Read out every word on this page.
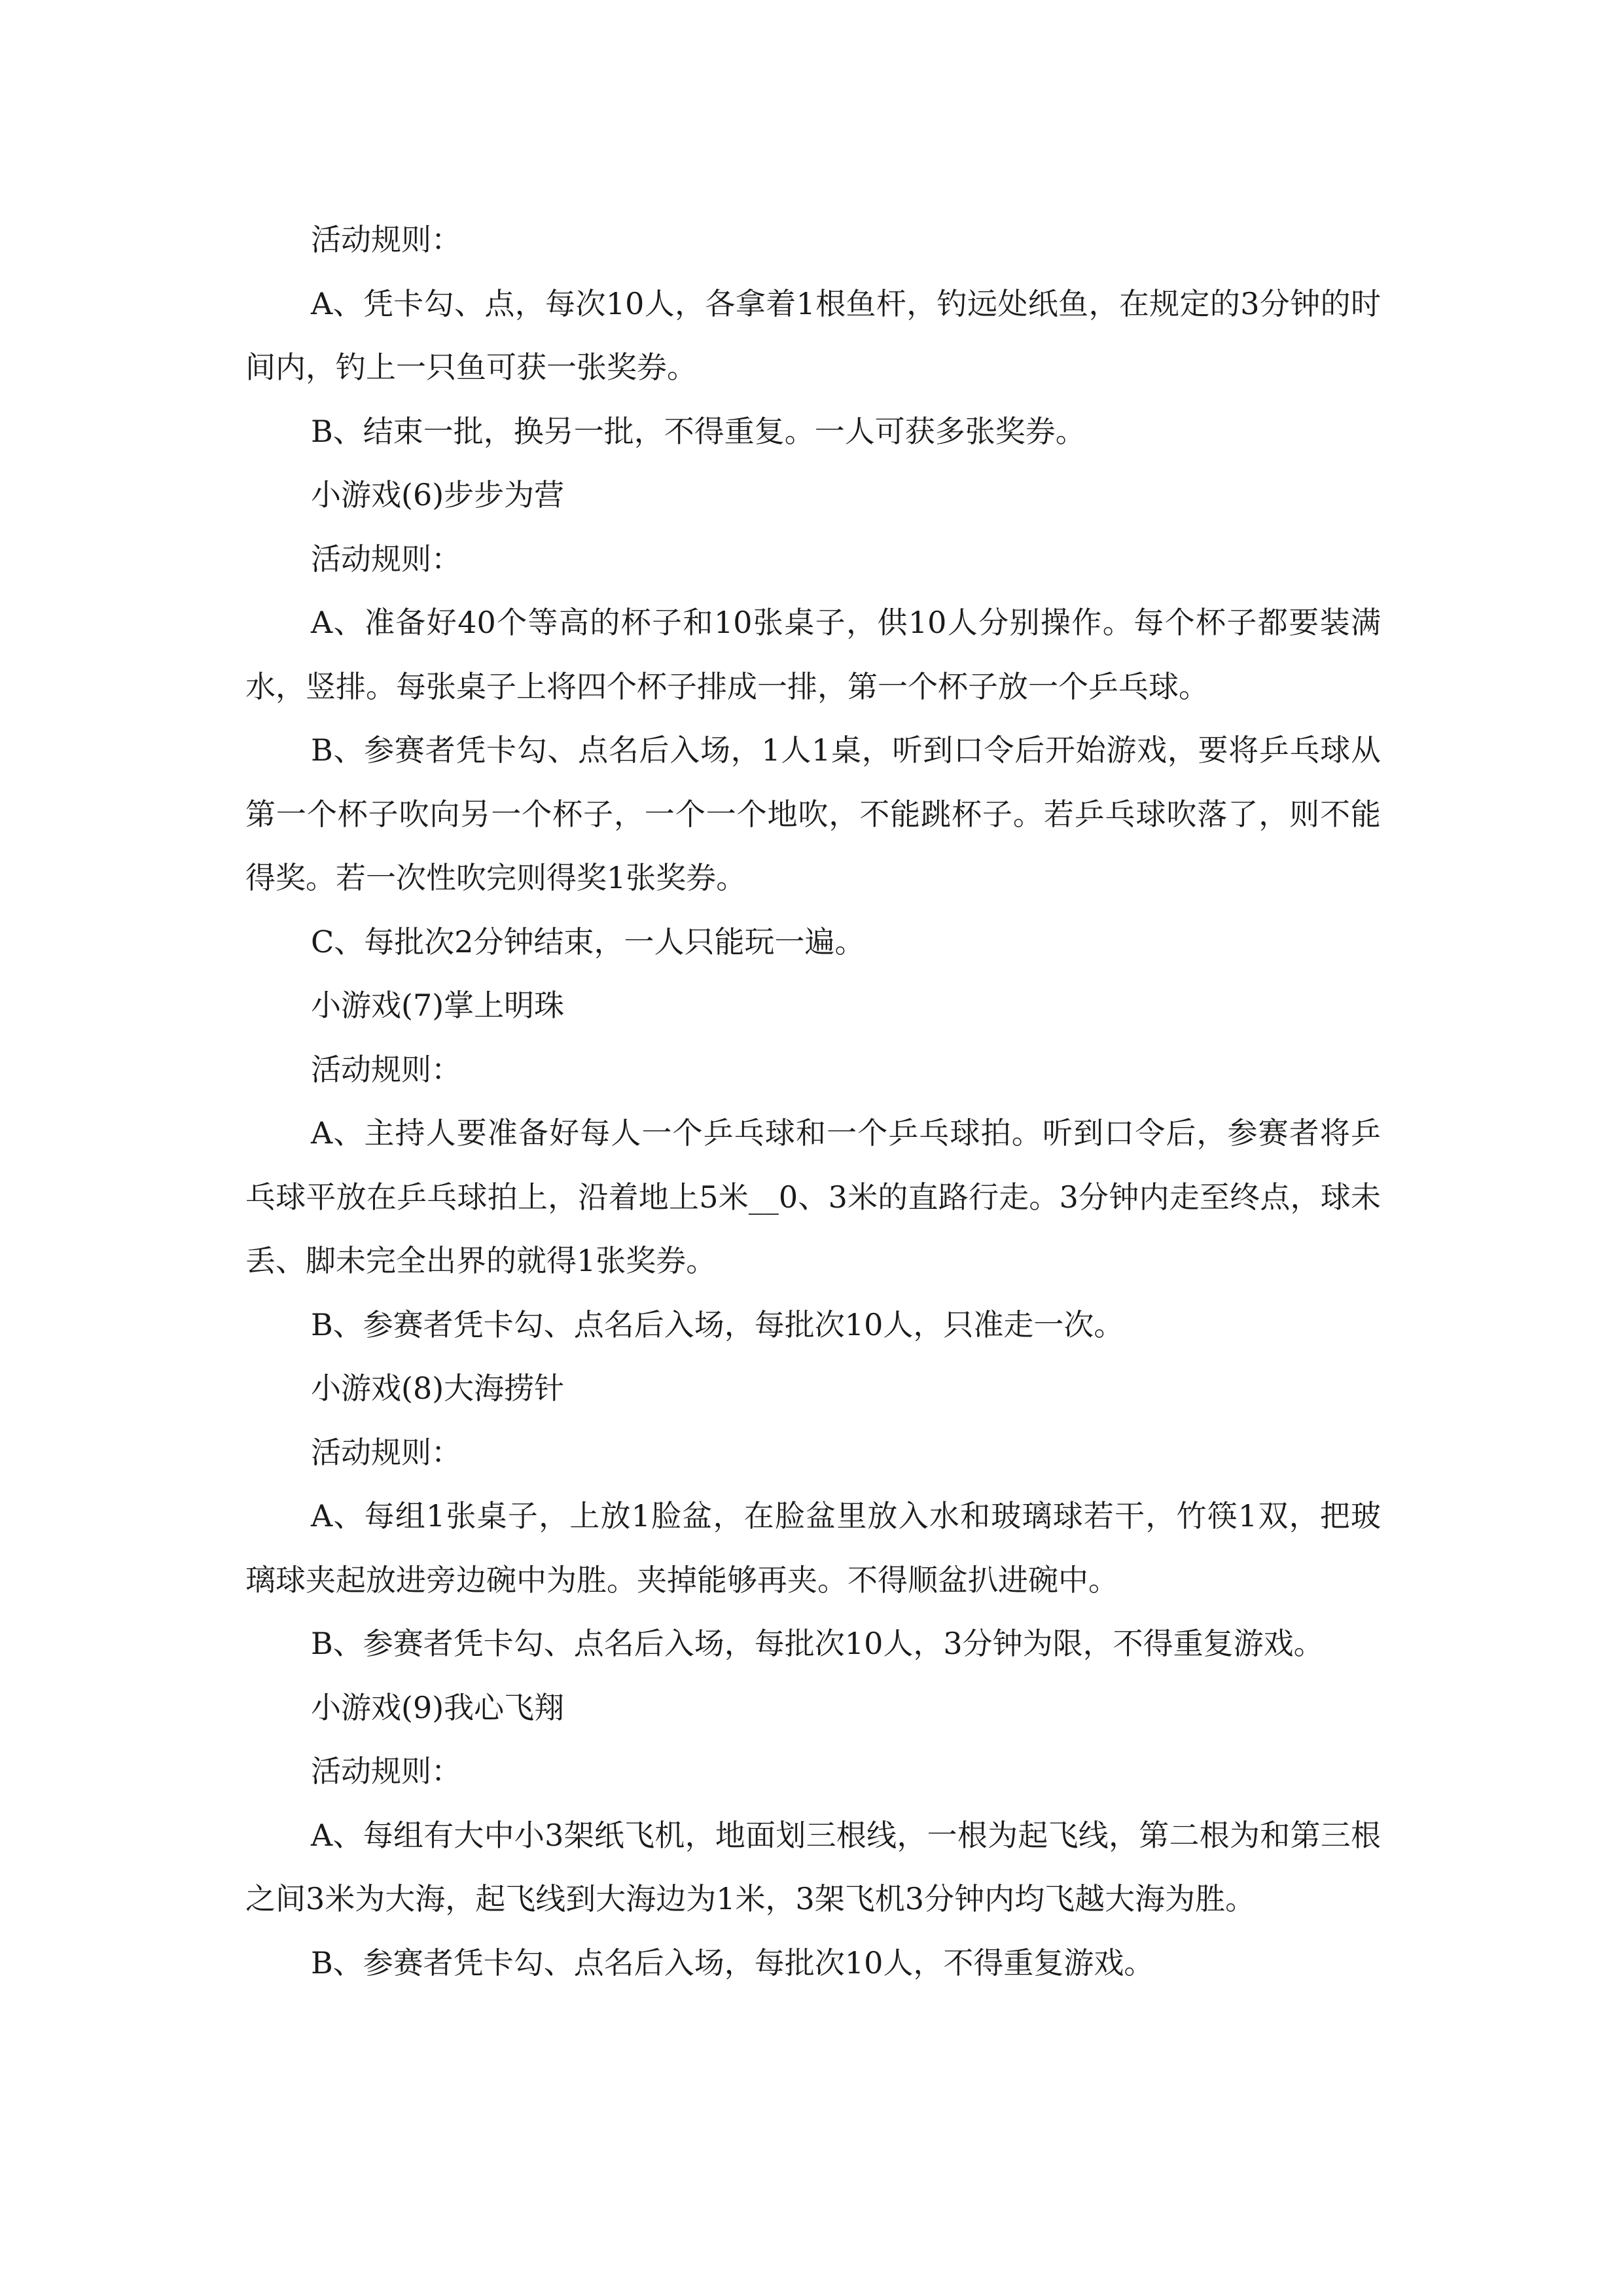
活动规则：

A、凭卡勾、点，每次10人，各拿着1根鱼杆，钓远处纸鱼，在规定的3分钟的时间内，钓上一只鱼可获一张奖券。

B、结束一批，换另一批，不得重复。一人可获多张奖券。

小游戏(6)步步为营

活动规则：

A、准备好40个等高的杯子和10张桌子，供10人分别操作。每个杯子都要装满水，竖排。每张桌子上将四个杯子排成一排，第一个杯子放一个乒乓球。

B、参赛者凭卡勾、点名后入场，1人1桌，听到口令后开始游戏，要将乒乓球从第一个杯子吹向另一个杯子，一个一个地吹，不能跳杯子。若乒乓球吹落了，则不能得奖。若一次性吹完则得奖1张奖券。

C、每批次2分钟结束，一人只能玩一遍。

小游戏(7)掌上明珠

活动规则：

A、主持人要准备好每人一个乒乓球和一个乒乓球拍。听到口令后，参赛者将乒乓球平放在乒乓球拍上，沿着地上5米__0、3米的直路行走。3分钟内走至终点，球未丢、脚未完全出界的就得1张奖券。

B、参赛者凭卡勾、点名后入场，每批次10人，只准走一次。

小游戏(8)大海捞针

活动规则：

A、每组1张桌子，上放1脸盆，在脸盆里放入水和玻璃球若干，竹筷1双，把玻璃球夹起放进旁边碗中为胜。夹掉能够再夹。不得顺盆扒进碗中。

B、参赛者凭卡勾、点名后入场，每批次10人，3分钟为限，不得重复游戏。

小游戏(9)我心飞翔

活动规则：

A、每组有大中小3架纸飞机，地面划三根线，一根为起飞线，第二根为和第三根之间3米为大海，起飞线到大海边为1米，3架飞机3分钟内均飞越大海为胜。

B、参赛者凭卡勾、点名后入场，每批次10人，不得重复游戏。
